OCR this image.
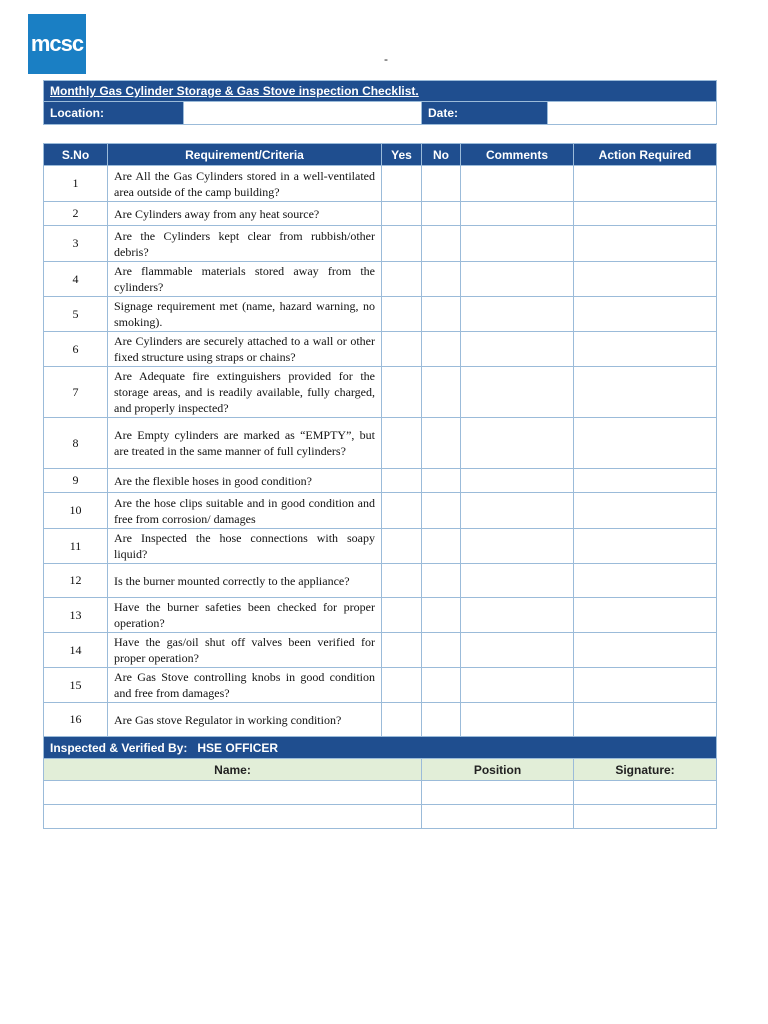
mcsc
-
Monthly Gas Cylinder Storage & Gas Stove inspection Checklist.
Location:		Date:	
S.No	Requirement/Criteria	Yes	No	Comments	Action Required
1	Are All the Gas Cylinders stored in a well-ventilated area outside of the camp building?				
2	Are Cylinders away from any heat source?				
3	Are the Cylinders kept clear from rubbish/other debris?				
4	Are flammable materials stored away from the cylinders?				
5	Signage requirement met (name, hazard warning, no smoking).				
6	Are Cylinders are securely attached to a wall or other fixed structure using straps or chains?				
7	Are Adequate fire extinguishers provided for the storage areas, and is readily available, fully charged, and properly inspected?				
8	Are Empty cylinders are marked as “EMPTY”, but are treated in the same manner of full cylinders?				
9	Are the flexible hoses in good condition?				
10	Are the hose clips suitable and in good condition and free from corrosion/ damages				
11	Are Inspected the hose connections with soapy liquid?				
12	Is the burner mounted correctly to the appliance?				
13	Have the burner safeties been checked for proper operation?				
14	Have the gas/oil shut off valves been verified for proper operation?				
15	Are Gas Stove controlling knobs in good condition and free from damages?				
16	Are Gas stove Regulator in working condition?				
Inspected & Verified By: HSE OFFICER					
Name:			Position		Signature:
